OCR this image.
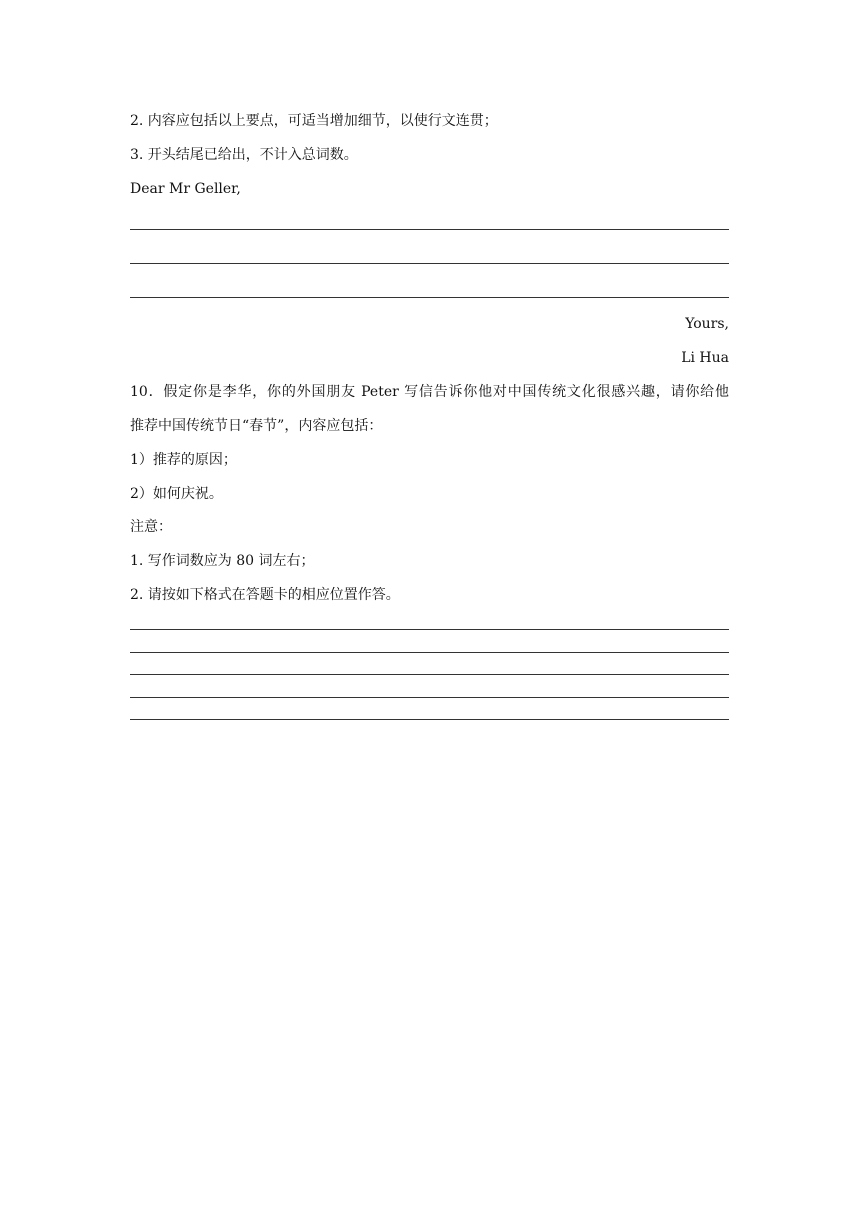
2. 内容应包括以上要点，可适当增加细节，以使行文连贯；
3. 开头结尾已给出，不计入总词数。
Dear Mr Geller,
Yours,
Li Hua
10．假定你是李华，你的外国朋友 Peter 写信告诉你他对中国传统文化很感兴趣，请你给他
推荐中国传统节日“春节”，内容应包括：
1）推荐的原因；
2）如何庆祝。
注意：
1. 写作词数应为 80 词左右；
2. 请按如下格式在答题卡的相应位置作答。
